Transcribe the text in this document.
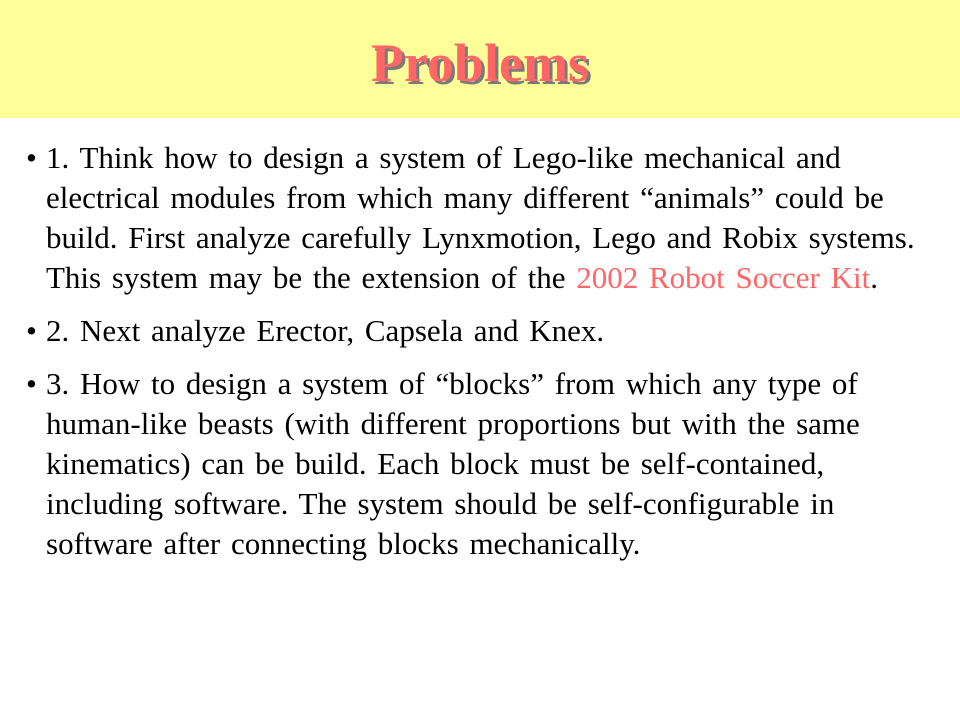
Problems
• 1. Think how to design a system of Lego-like mechanical and electrical modules from which many different “animals” could be build. First analyze carefully Lynxmotion, Lego and Robix systems. This system may be the extension of the 2002 Robot Soccer Kit.
• 2. Next analyze Erector, Capsela and Knex.
• 3. How to design a system of “blocks” from which any type of human-like beasts (with different proportions but with the same kinematics) can be build. Each block must be self-contained, including software. The system should be self-configurable in software after connecting blocks mechanically.
